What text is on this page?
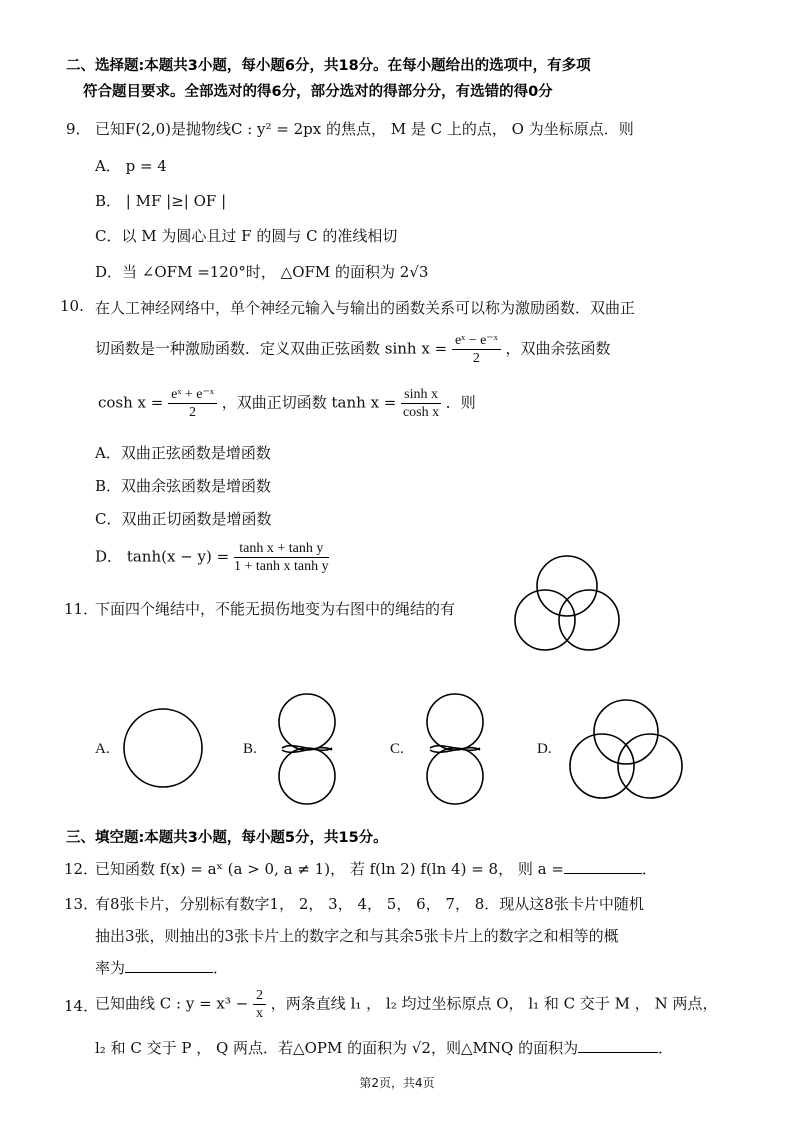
二、选择题:本题共3小题，每小题6分，共18分。在每小题给出的选项中，有多项
符合题目要求。全部选对的得6分，部分选对的得部分分，有选错的得0分
9． 已知F(2,0)是抛物线C : y² = 2px 的焦点， M 是 C 上的点， O 为坐标原点．则
A． p = 4
B． | MF |≥| OF |
C．以 M 为圆心且过 F 的圆与 C 的准线相切
D．当 ∠OFM =120°时， △OFM 的面积为 2√3
10. 在人工神经网络中，单个神经元输入与输出的函数关系可以称为激励函数．双曲正
切函数是一种激励函数．定义双曲正弦函数 $\sinh x = \frac{\text{eˣ − e⁻ˣ}}{2}$ ，双曲余弦函数
$\cosh x = \frac{\text{eˣ + e⁻ˣ}}{2}$ ，双曲正切函数 $\tanh x = \frac{\text{sinh x}}{\text{cosh x}}$ ．则
A．双曲正弦函数是增函数
B．双曲余弦函数是增函数
C．双曲正切函数是增函数
D． $\tanh(x - y) = \frac{\text{tanh x + tanh y}}{\text{1 + tanh x tanh y}}$
11．
下面四个绳结中，不能无损伤地变为右图中的绳结的有
A.	B.	C.	D.
三、填空题:本题共3小题，每小题5分，共15分。
12．
已知函数 f(x) = aˣ (a > 0, a ≠ 1)， 若 f(ln 2) f(ln 4) = 8， 则 a =	．
13．
有8张卡片，分别标有数字1， 2， 3， 4， 5， 6， 7， 8．现从这8张卡片中随机
抽出3张，则抽出的3张卡片上的数字之和与其余5张卡片上的数字之和相等的概
率为	．
14．
已知曲线 C : $y = x^3 - \frac{2}{x}$ ，两条直线 l₁ ， l₂ 均过坐标原点 O， l₁ 和 C 交于 M ， N 两点，
l₂ 和 C 交于 P ， Q 两点．若△OPM 的面积为 √2，则△MNQ 的面积为	．
第2页，共4页
